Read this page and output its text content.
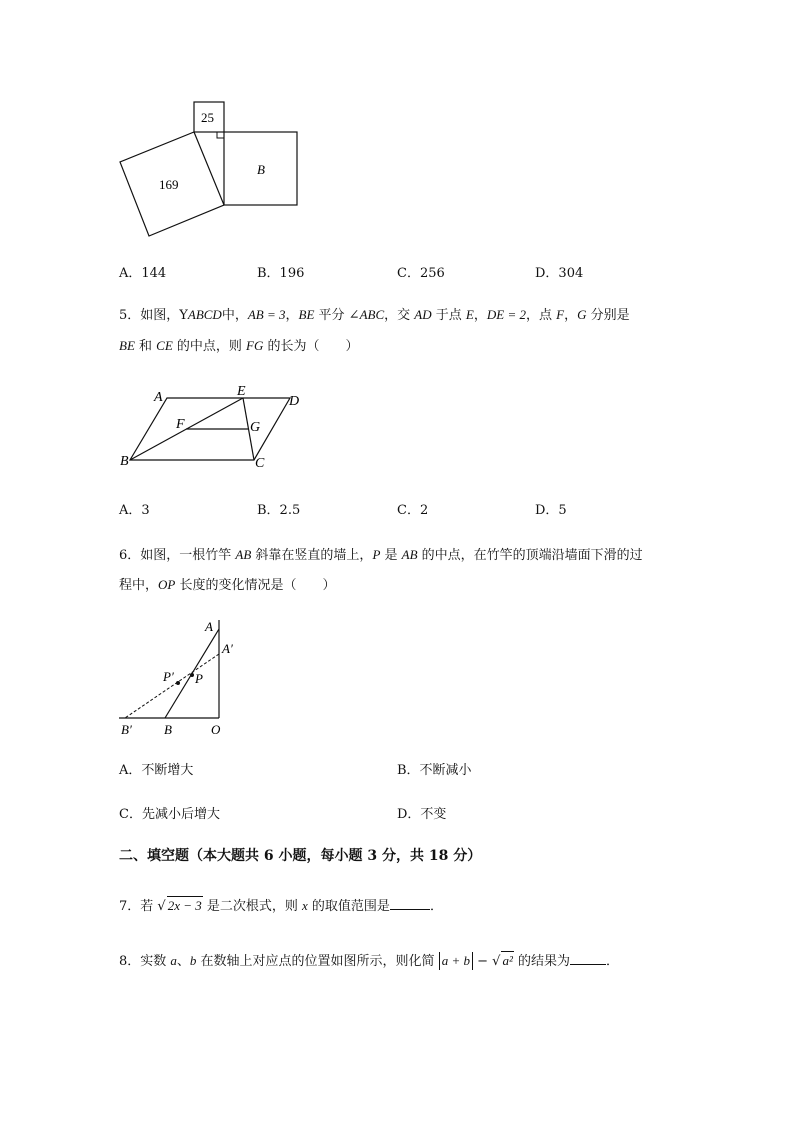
25
169
B
A．144	B．196	C．256	D．304
5．如图，YABCD中，AB = 3，BE 平分 ∠ABC，交 AD 于点 E，DE = 2，点 F，G 分别是
BE 和 CE 的中点，则 FG 的长为（　　）
A	E
D
F	G
B	C
A．3	B．2.5	C．2	D．5
6．如图，一根竹竿 AB 斜靠在竖直的墙上，P 是 AB 的中点，在竹竿的顶端沿墙面下滑的过
程中，OP 长度的变化情况是（　　）
A
A′
P′ P
B′ B	O
A．不断增大	B．不断减小
C．先减小后增大	D．不变
二、填空题（本大题共 6 小题，每小题 3 分，共 18 分）
7．若 √ 2x − 3 是二次根式，则 x 的取值范围是	．
8．实数 a、b 在数轴上对应点的位置如图所示，则化简 a + b − √ a² 的结果为	．
